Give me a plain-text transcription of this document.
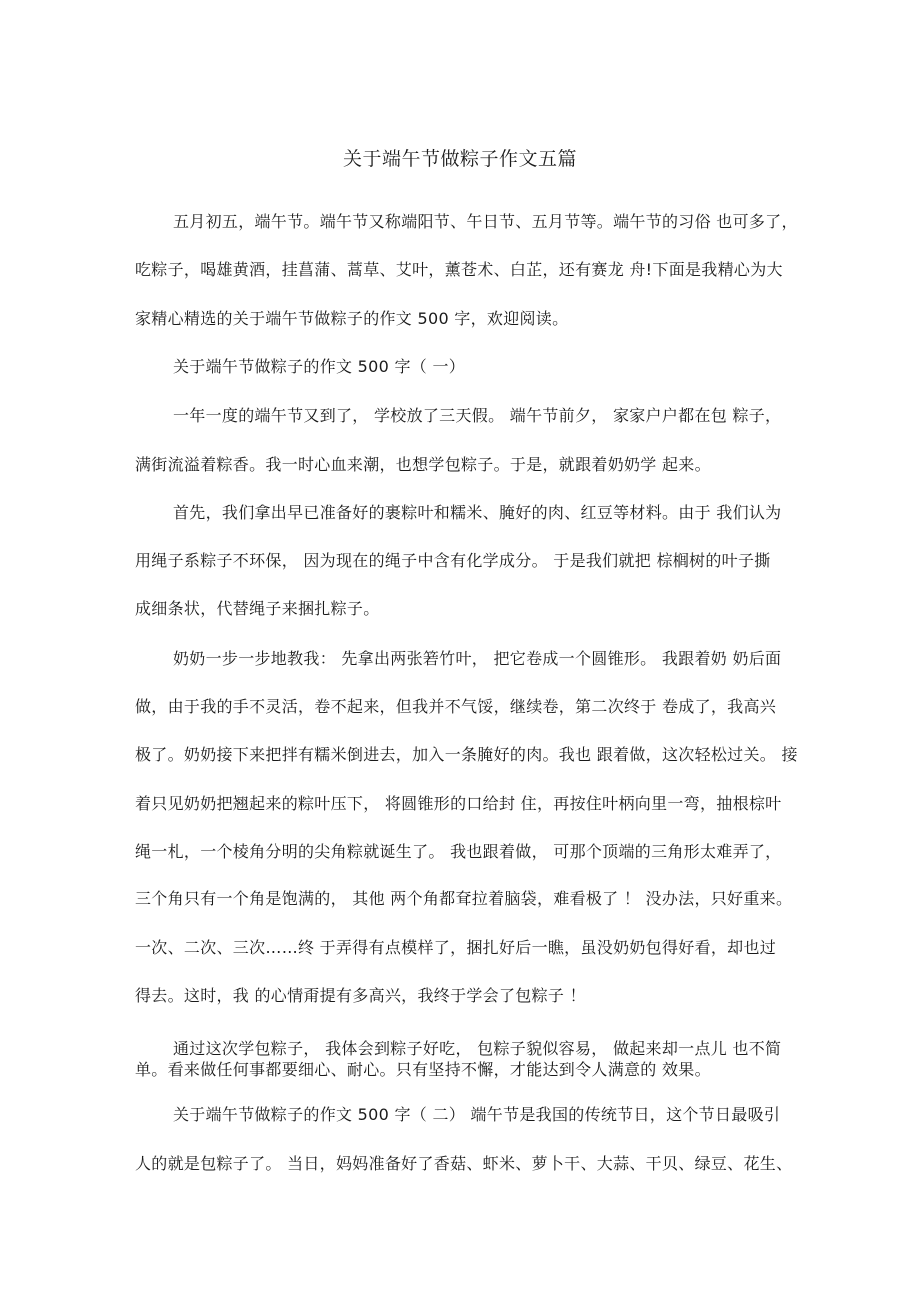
关于端午节做粽子作文五篇
五月初五，端午节。端午节又称端阳节、午日节、五月节等。端午节的习俗 也可多了，
吃粽子，喝雄黄酒，挂菖蒲、蒿草、艾叶，薰苍术、白芷，还有赛龙 舟!下面是我精心为大
家精心精选的关于端午节做粽子的作文 500 字，欢迎阅读。
关于端午节做粽子的作文 500 字（ 一）
一年一度的端午节又到了， 学校放了三天假。 端午节前夕， 家家户户都在包 粽子，
满街流溢着粽香。我一时心血来潮，也想学包粽子。于是，就跟着奶奶学 起来。
首先，我们拿出早已准备好的裹粽叶和糯米、腌好的肉、红豆等材料。由于 我们认为
用绳子系粽子不环保， 因为现在的绳子中含有化学成分。 于是我们就把 棕榈树的叶子撕
成细条状，代替绳子来捆扎粽子。
奶奶一步一步地教我： 先拿出两张箬竹叶， 把它卷成一个圆锥形。 我跟着奶 奶后面
做，由于我的手不灵活，卷不起来，但我并不气馁，继续卷，第二次终于 卷成了，我高兴
极了。奶奶接下来把拌有糯米倒进去，加入一条腌好的肉。我也 跟着做，这次轻松过关。 接
着只见奶奶把翘起来的粽叶压下， 将圆锥形的口给封 住，再按住叶柄向里一弯，抽根棕叶
绳一札，一个棱角分明的尖角粽就诞生了。 我也跟着做， 可那个顶端的三角形太难弄了，
三个角只有一个角是饱满的， 其他 两个角都耷拉着脑袋，难看极了 ！ 没办法，只好重来。
一次、二次、三次……终 于弄得有点模样了，捆扎好后一瞧，虽没奶奶包得好看，却也过
得去。这时，我 的心情甭提有多高兴，我终于学会了包粽子 ！
通过这次学包粽子， 我体会到粽子好吃， 包粽子貌似容易， 做起来却一点儿 也不简
单。看来做任何事都要细心、耐心。只有坚持不懈，才能达到令人满意的 效果。
关于端午节做粽子的作文 500 字（ 二） 端午节是我国的传统节日，这个节日最吸引
人的就是包粽子了。 当日，妈妈准备好了香菇、虾米、萝卜干、大蒜、干贝、绿豆、花生、
